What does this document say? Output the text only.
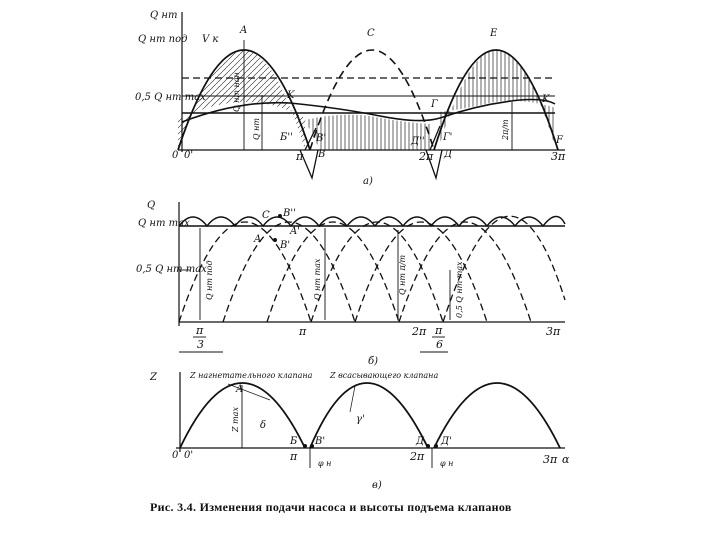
Q нт
Q нт под
0,5 Q нт max
V к
A	C	E
K	K
Б'' В'
В
Г
Г'
Д''
Д
F
0 0'	π	2π	3π
Q нт нан
Q нт	2π/m
а)
Q
Q нт max
0,5 Q нт max
A
B'
C
A'
B''
π	2π	3π
π
3
π
6
Q нт под	Q нт max	Q нт π/m	0,5 Q нт max
б)
Z	Z нагнетательного клапана Z всасывающего клапана
A
Б В'	Д Д'
0 0'	π	2π	3π α
Z max δ
γ'
φ н	φ н
в)
Рис. 3.4. Изменения подачи насоса и высоты подъема клапанов
